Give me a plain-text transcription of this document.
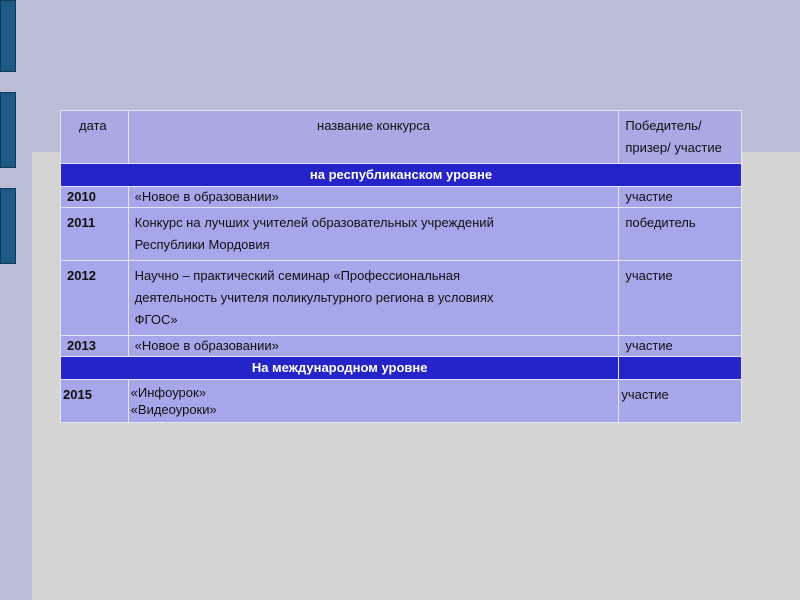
дата	название конкурса	Победитель/
призер/ участие

на республиканском уровне		
2010	«Новое в образовании»	участие
2011	Конкурс на лучших учителей образовательных учреждений
Республики Мордовия	победитель
2012	Научно – практический семинар «Профессиональная
деятельность учителя поликультурного региона в условиях
ФГОС»	участие
2013	«Новое в образовании»	участие
На международном уровне		
2015	«Инфоурок»
«Видеоуроки»	участие
